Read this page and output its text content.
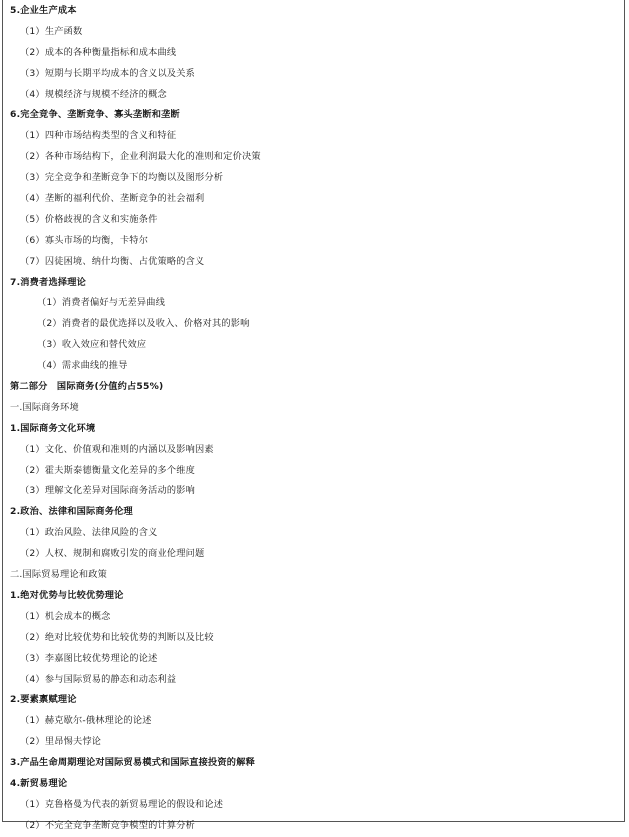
5.企业生产成本
（1）生产函数
（2）成本的各种衡量指标和成本曲线
（3）短期与长期平均成本的含义以及关系
（4）规模经济与规模不经济的概念
6.完全竞争、垄断竞争、寡头垄断和垄断
（1）四种市场结构类型的含义和特征
（2）各种市场结构下，企业利润最大化的准则和定价决策
（3）完全竞争和垄断竞争下的均衡以及图形分析
（4）垄断的福利代价、垄断竞争的社会福利
（5）价格歧视的含义和实施条件
（6）寡头市场的均衡，卡特尔
（7）囚徒困境、纳什均衡、占优策略的含义
7.消费者选择理论
（1）消费者偏好与无差异曲线
（2）消费者的最优选择以及收入、价格对其的影响
（3）收入效应和替代效应
（4）需求曲线的推导
第二部分　国际商务(分值约占55%)
一.国际商务环境
1.国际商务文化环境
（1）文化、价值观和准则的内涵以及影响因素
（2）霍夫斯泰德衡量文化差异的多个维度
（3）理解文化差异对国际商务活动的影响
2.政治、法律和国际商务伦理
（1）政治风险、法律风险的含义
（2）人权、规制和腐败引发的商业伦理问题
二.国际贸易理论和政策
1.绝对优势与比较优势理论
（1）机会成本的概念
（2）绝对比较优势和比较优势的判断以及比较
（3）李嘉图比较优势理论的论述
（4）参与国际贸易的静态和动态利益
2.要素禀赋理论
（1）赫克歇尔-俄林理论的论述
（2）里昂惕夫悖论
3.产品生命周期理论对国际贸易模式和国际直接投资的解释
4.新贸易理论
（1）克鲁格曼为代表的新贸易理论的假设和论述
（2）不完全竞争垄断竞争模型的计算分析
